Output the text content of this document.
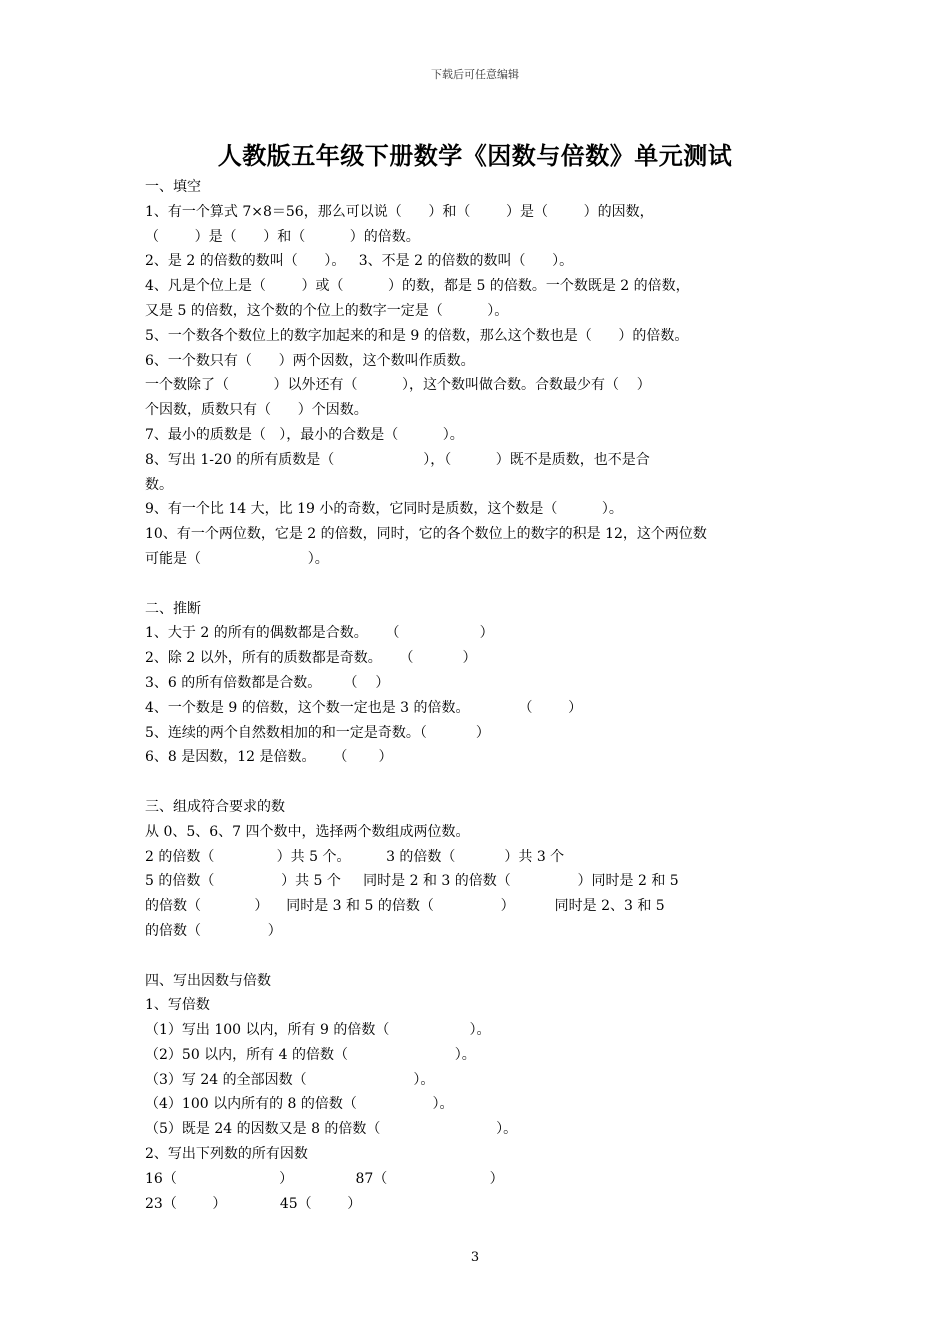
下载后可任意编辑
人教版五年级下册数学《因数与倍数》单元测试
一、填空
1、有一个算式 7×8＝56，那么可以说（      ）和（        ）是（        ）的因数，
（        ）是（      ）和（          ）的倍数。
2、是 2 的倍数的数叫（      ）。   3、不是 2 的倍数的数叫（      ）。
4、凡是个位上是（        ）或（          ）的数，都是 5 的倍数。一个数既是 2 的倍数，
又是 5 的倍数，这个数的个位上的数字一定是（          ）。
5、一个数各个数位上的数字加起来的和是 9 的倍数，那么这个数也是（      ）的倍数。
6、一个数只有（      ）两个因数，这个数叫作质数。
一个数除了（          ）以外还有（          ），这个数叫做合数。合数最少有（    ）
个因数，质数只有（      ）个因数。
7、最小的质数是（   ），最小的合数是（          ）。
8、写出 1-20 的所有质数是（                    ），（          ）既不是质数，也不是合
数。
9、有一个比 14 大，比 19 小的奇数，它同时是质数，这个数是（          ）。
10、有一个两位数，它是 2 的倍数，同时，它的各个数位上的数字的积是 12，这个两位数
可能是（                        ）。
二、推断
1、大于 2 的所有的偶数都是合数。    （                  ）
2、除 2 以外，所有的质数都是奇数。    （           ）
3、6 的所有倍数都是合数。     （    ）
4、一个数是 9 的倍数，这个数一定也是 3 的倍数。           （        ）
5、连续的两个自然数相加的和一定是奇数。（           ）
6、8 是因数，12 是倍数。    （       ）
三、组成符合要求的数
从 0、5、6、7 四个数中，选择两个数组成两位数。
2 的倍数（              ）共 5 个。        3 的倍数（           ）共 3 个
5 的倍数（               ）共 5 个     同时是 2 和 3 的倍数（               ）同时是 2 和 5
的倍数（            ）    同时是 3 和 5 的倍数（               ）         同时是 2、3 和 5
的倍数（               ）
四、写出因数与倍数
1、写倍数
（1）写出 100 以内，所有 9 的倍数（                  ）。
（2）50 以内，所有 4 的倍数（                        ）。
（3）写 24 的全部因数（                        ）。
（4）100 以内所有的 8 的倍数（                 ）。
（5）既是 24 的因数又是 8 的倍数（                          ）。
2、写出下列数的所有因数
16（                       ）              87（                       ）
23（        ）            45（        ）
3
